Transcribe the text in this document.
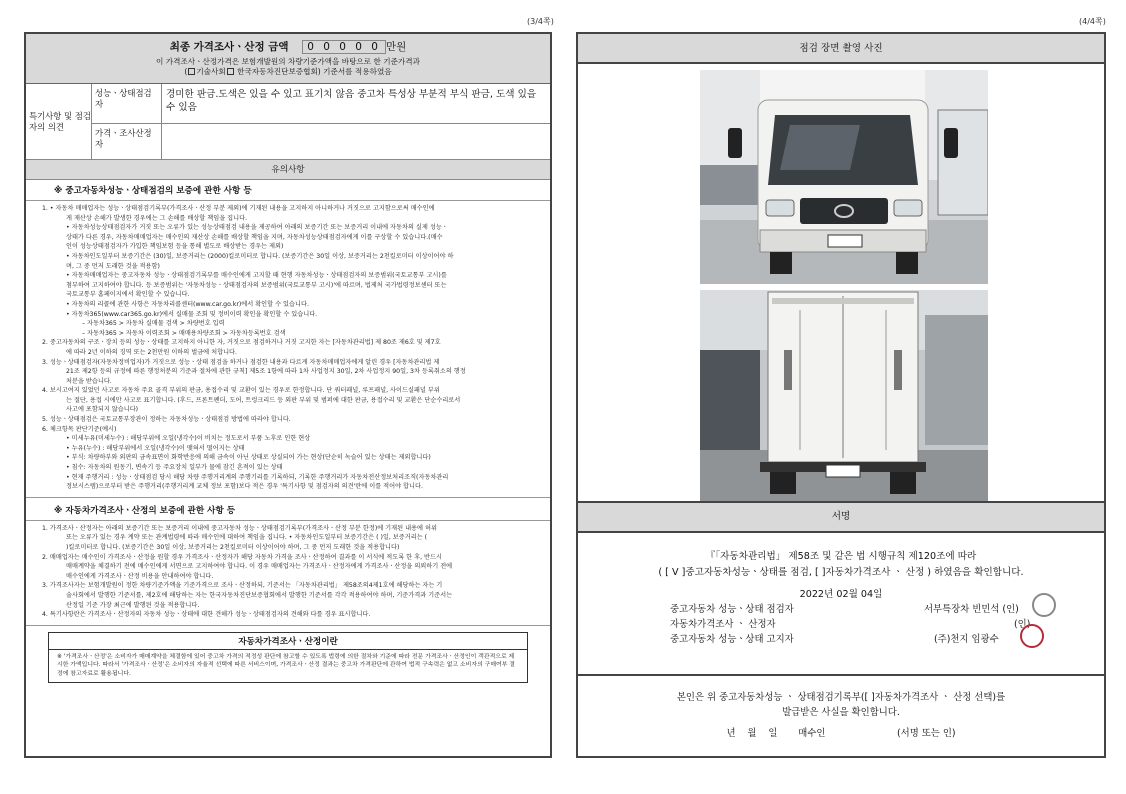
(3/4쪽)	(4/4쪽)
최종 가격조사ㆍ산정 금액 0 0 0 0 0 만원
이 가격조사ㆍ산정가격은 보험개발원의 차량기준가액을 바탕으로 한 기준가격과
( 기술사회 한국자동차진단보증협회) 기준서를 적용하였음
특기사항 및 점검자의 의견
성능ㆍ상태점검자
경미한 판금.도색은 있을 수 있고 표기치 않음 중고차 특성상 부분적 부식 판금, 도색 있을 수 있음
가격ㆍ조사산정자
유의사항
※ 중고자동차성능ㆍ상태점검의 보증에 관한 사항 등

1. • 자동차 매매업자는 성능ㆍ상태점검기록부(가격조사ㆍ산정 부분 제외)에 기재된 내용을 고지하지 아니하거나 거짓으로 고지함으로써 매수인에

게 재산상 손해가 발생한 경우에는 그 손해를 배상할 책임을 집니다.

• 자동차성능상태점검자가 거짓 또는 오류가 있는 성능상태점검 내용을 제공하여 아래의 보증기간 또는 보증거리 이내에 자동차의 실제 성능ㆍ

상태가 다른 경우, 자동차매매업자는 매수인의 재산상 손해를 배상할 책임을 지며, 자동차성능상태점검자에게 이를 구상할 수 있습니다.(매수

인이 성능상태점검자가 가입한 책임보험 등을 통해 별도로 배상받는 경우는 제외)

• 자동차인도일부터 보증기간은 (30)일, 보증거리는 (2000)킬로미터로 합니다. (보증기간은 30일 이상, 보증거리는 2천킬로미터 이상이어야 하

며, 그 중 먼저 도래한 것을 적용함)

• 자동차매매업자는 중고자동차 성능ㆍ상태점검기록부를 매수인에게 고지할 때 현행 자동차성능ㆍ상태점검자의 보증범위(국토교통부 고시)를

첨부하여 고지하여야 합니다. 등 보증범위는 '자동차성능ㆍ상태점검자의 보증범위(국토교통부 고시)'에 따르며, 법제처 국가법령정보센터 또는

국토교통부 홈페이지에서 확인할 수 있습니다.

• 자동차의 리콜에 관한 사항은 자동차리콜센터(www.car.go.kr)에서 확인할 수 있습니다.

• 자동차365(www.car365.go.kr)에서 실매물 조회 및 정비이력 확인을 확인할 수 있습니다.

– 자동차365 > 자동차 실매물 검색 > 차량번호 입력

– 자동차365 > 자동차 이력조회 > 매매용차량조회 > 자동차등록번호 검색

2. 중고자동차의 구조ㆍ장치 등의 성능ㆍ상태를 고지하지 아니한 자, 거짓으로 점검하거나 거짓 고지한 자는 [자동차관리법] 제 80조 제6호 및 제7호

에 따라 2년 이하의 징역 또는 2천만원 이하의 벌금에 처합니다.

3. 성능ㆍ상태점검자(자동차정비업자)가 거짓으로 성능ㆍ상태 점검을 하거나 점검한 내용과 다르게 자동차매매업자에게 알린 경우 [자동차관리법 제

21조 제2항 등의 규정에 따른 행정처분의 기준과 절차에 관한 규칙] 제5조 1항에 따라 1차 사업정지 30일, 2차 사업정지 90일, 3차 등록취소의 행정

처분을 받습니다.

4. 보시고여지 있었던 사고로 자동차 주요 골격 부위의 판금, 용접수리 및 교환이 있는 경우로 한정합니다. 단 쿼터패널, 루프패널, 사이드실패널 부위

는 절단, 용접 시에만 사고로 표기합니다. (후드, 프론트펜더, 도어, 트렁크리드 등 외판 부위 및 범퍼에 대한 판금, 용접수리 및 교환은 단순수리로서

사고에 포함되지 않습니다)

5. 성능ㆍ상태점검은 국토교통부장관이 정하는 자동차성능ㆍ상태점검 방법에 따라야 합니다.

6. 체크항목 판단기준(예시)

• 미세누유(미세누수) : 해당부위에 오일(냉각수)이 비치는 정도로서 부품 노후로 인한 현상

• 누유(누수) : 해당부위에서 오일(냉각수)이 맺혀서 떨어지는 상태

• 부식: 차량하부와 외판의 금속표면이 화학반응에 의해 금속이 아닌 상태로 상실되어 가는 현상(단순히 녹슬어 있는 상태는 제외합니다)

• 침수: 자동차의 원동기, 변속기 등 주요장치 일부가 물에 잠긴 흔적이 있는 상태

• 현재 주행거리 : 성능ㆍ상태점검 당시 해당 차량 주행거리계의 주행기리를 기록하되, 기록한 주행거리가 자동차전산정보처리조직(자동차관리

정보시스템)으로부터 받은 주행거리(주행거리계 교체 정보 포함)보다 적은 경우 '특기사항 및 점검자의 의견'란에 이를 적어야 합니다.

※ 자동차가격조사ㆍ산정의 보증에 관한 사항 등

1. 가격조사ㆍ산정자는 아래의 보증기간 또는 보증거리 이내에 중고자동차 성능ㆍ상태점검기록부(가격조사ㆍ산정 부분 한정)에 기재된 내용에 허위

또는 오류가 있는 경우 계약 또는 관계법령에 따라 매수인에 대하여 책임을 집니다. • 자동차인도일부터 보증기간은 ( )일, 보증거리는 (

)킬로미터로 합니다. (보증기간은 30일 이상, 보증거리는 2천킬로미터 이상이어야 하며, 그 중 먼저 도래한 것을 적용합니다)

2. 매매업자는 매수인이 가격조사ㆍ산정을 원할 경우 가격조사ㆍ산정자가 해당 자동차 가격을 조사ㆍ산정하여 결과를 이 서식에 적도록 한 후, 반드시

매매계약을 체결하기 전에 매수인에게 서면으로 고지하여야 합니다. 이 경우 매매업자는 가격조사ㆍ산정자에게 가격조사ㆍ산정을 의뢰하기 전에

매수인에게 가격조사ㆍ산정 비용을 안내하여야 합니다.

3. 가격조사자는 보험개발원이 정한 차량기준가액을 기준가격으로 조사ㆍ산정하되, 기준서는 「자동차관리법」 제58조의4제1호에 해당하는 자는 기

술사회에서 발행한 기준서를, 제2호에 해당하는 자는 한국자동차진단보증협회에서 발행한 기준서를 각각 적용하여야 하며, 기준가격과 기준서는

산정일 기준 가장 최근에 발행된 것을 적용합니다.

4. 특기사항란은 가격조사ㆍ산정자의 자동차 성능ㆍ상태에 대한 견해가 성능ㆍ상태점검자의 견해와 다를 경우 표시합니다.

자동차가격조사ㆍ산정이란
※ '가격조사ㆍ산정'은 소비자가 매매계약을 체결함에 있어 중고차 가격의 적정성 판단에 참고할 수 있도록 법령에 의한 절차와 기준에 따라 전문 가격조사ㆍ산정인이 객관적으로 제시한 가액입니다. 따라서 '가격조사ㆍ산정'은 소비자의 자율적 선택에 따른 서비스이며, 가격조사ㆍ산정 결과는 중고차 가격판단에 관하여 법적 구속력은 없고 소비자의 구매여부 결정에 참고자료로 활용됩니다.
점검 장면 촬영 사진
서명
『「자동차관리법」 제58조 및 같은 법 시행규칙 제120조에 따라
( [ V ]중고자동차성능ㆍ상태를 점검, [ ]자동차가격조사 ㆍ 산정 ) 하였음을 확인합니다.
2022년 02월 04일
중고자동차 성능ㆍ상태 점검자	서부특장차 빈민석 (인)
자동차가격조사 ㆍ 산정자	(인)
중고자동차 성능ㆍ상태 고지자	(주)천지 임광수
본인은 위 중고자동차성능 ㆍ 상태점검기록부([ ]자동차가격조사 ㆍ 산정 선택)를
발급받은 사실을 확인합니다.
년    월    일       매수인                        (서명 또는 인)
